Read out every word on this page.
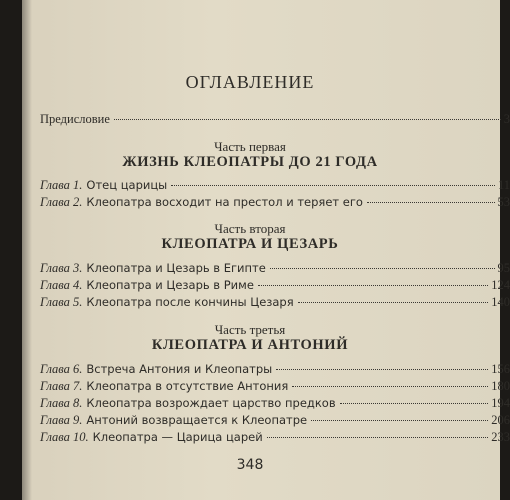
ОГЛАВЛЕНИЕ
Предисловие	3
Часть первая
ЖИЗНЬ КЛЕОПАТРЫ ДО 21 ГОДА
Глава 1. Отец царицы	11
Глава 2. Клеопатра восходит на престол и теряет его	53
Часть вторая
КЛЕОПАТРА И ЦЕЗАРЬ
Глава 3. Клеопатра и Цезарь в Египте	95
Глава 4. Клеопатра и Цезарь в Риме	124
Глава 5. Клеопатра после кончины Цезаря	140
Часть третья
КЛЕОПАТРА И АНТОНИЙ
Глава 6. Встреча Антония и Клеопатры	156
Глава 7. Клеопатра в отсутствие Антония	180
Глава 8. Клеопатра возрождает царство предков	194
Глава 9. Антоний возвращается к Клеопатре	206
Глава 10. Клеопатра — Царица царей	233
348
